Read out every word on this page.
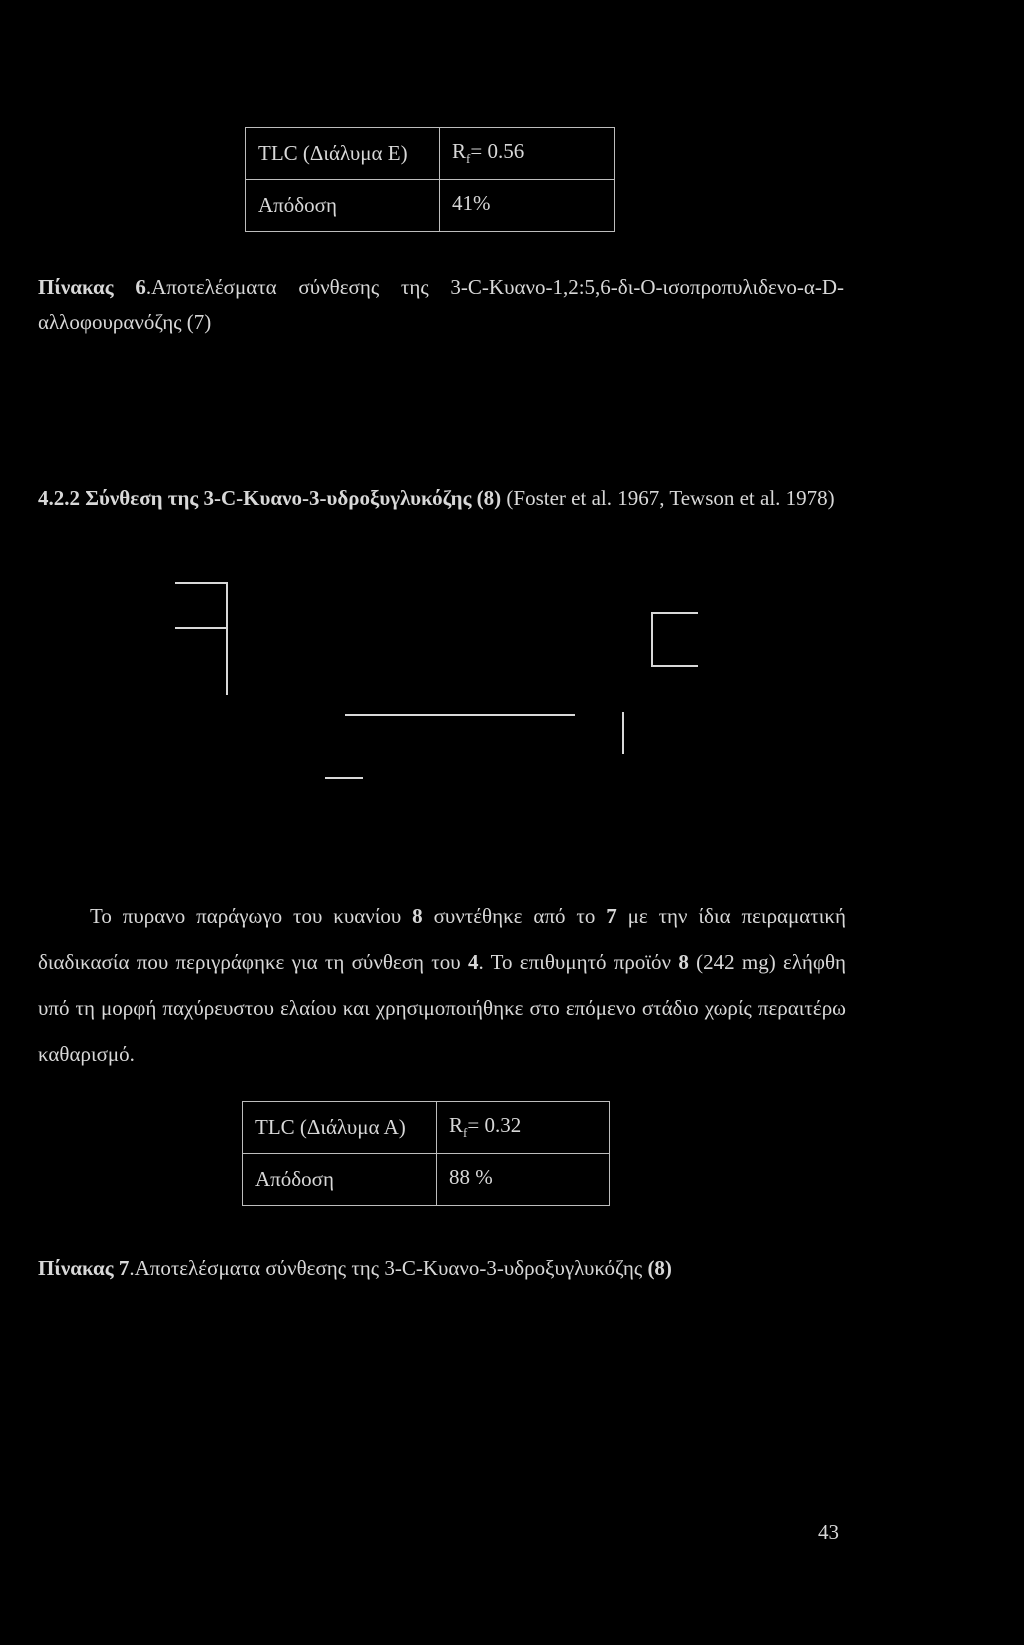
TLC (Διάλυμα Ε)	$R_f= 0.56$
Απόδοση	41%
Πίνακας 6.Αποτελέσματα σύνθεσης της 3-C-Κυανο-1,2:5,6-δι-Ο-ισοπροπυλιδενο-α-D-αλλοφουρανόζης (7)
4.2.2 Σύνθεση της 3-C-Κυανο-3-υδροξυγλυκόζης (8) (Foster et al. 1967, Tewson et al. 1978)
Το πυρανο παράγωγο του κυανίου 8 συντέθηκε από το 7 με την ίδια πειραματική διαδικασία που περιγράφηκε για τη σύνθεση του 4. Το επιθυμητό προϊόν 8 (242 mg) ελήφθη υπό τη μορφή παχύρευστου ελαίου και χρησιμοποιήθηκε στο επόμενο στάδιο χωρίς περαιτέρω καθαρισμό.
TLC (Διάλυμα Α)	$R_f= 0.32$
Απόδοση	88 %
Πίνακας 7.Αποτελέσματα σύνθεσης της 3-C-Κυανο-3-υδροξυγλυκόζης (8)
43
